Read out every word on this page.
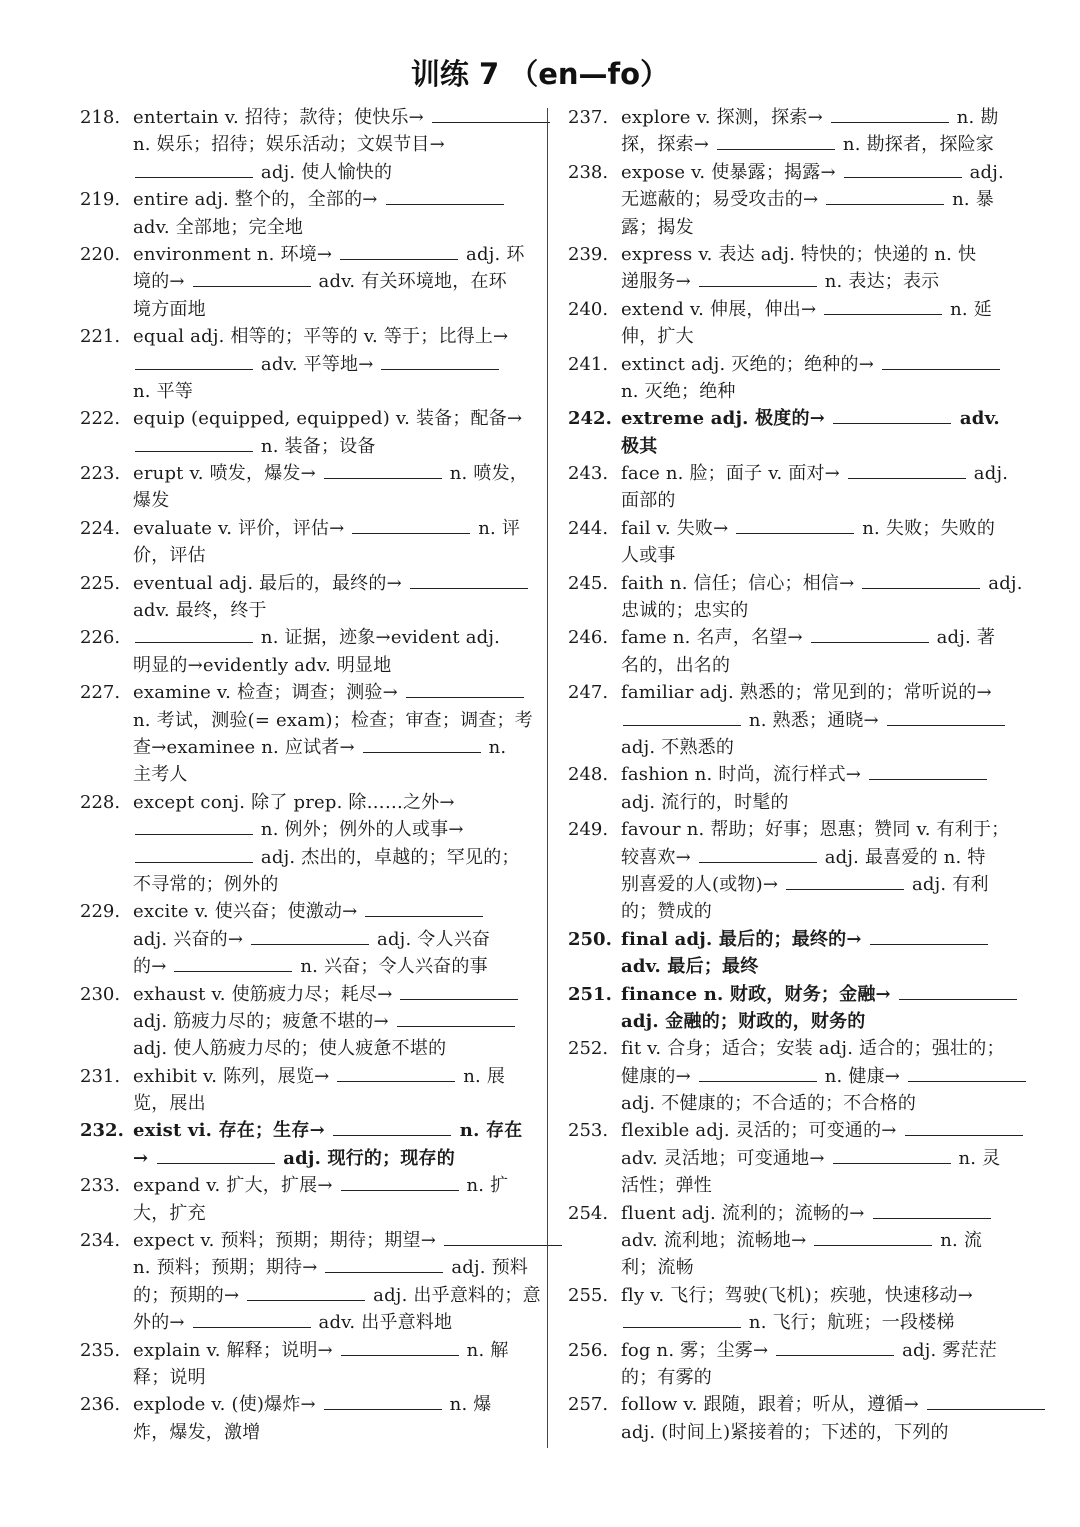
训练 7 （en—fo）
218. entertain v. 招待；款待；使快乐→
n. 娱乐；招待；娱乐活动；文娱节目→
adj. 使人愉快的
219. entire adj. 整个的，全部的→
adv. 全部地；完全地
220. environment n. 环境→	adj. 环
境的→	adv. 有关环境地，在环
境方面地
221. equal adj. 相等的；平等的 v. 等于；比得上→
adv. 平等地→
n. 平等
222. equip (equipped, equipped) v. 装备；配备→
n. 装备；设备
223. erupt v. 喷发，爆发→	n. 喷发，
爆发
224. evaluate v. 评价，评估→	n. 评
价，评估
225. eventual adj. 最后的，最终的→
adv. 最终，终于
226.	n. 证据，迹象→evident adj.
明显的→evidently adv. 明显地
227. examine v. 检查；调查；测验→
n. 考试，测验(= exam)；检查；审查；调查；考
查→examinee n. 应试者→	n.
主考人
228. except conj. 除了 prep. 除……之外→
n. 例外；例外的人或事→
adj. 杰出的，卓越的；罕见的；
不寻常的；例外的
229. excite v. 使兴奋；使激动→
adj. 兴奋的→	adj. 令人兴奋
的→	n. 兴奋；令人兴奋的事
230. exhaust v. 使筋疲力尽；耗尽→
adj. 筋疲力尽的；疲惫不堪的→
adj. 使人筋疲力尽的；使人疲惫不堪的
231. exhibit v. 陈列，展览→	n. 展
览，展出
232. exist vi. 存在；生存→	n. 存在
→	adj. 现行的；现存的
233. expand v. 扩大，扩展→	n. 扩
大，扩充
234. expect v. 预料；预期；期待；期望→
n. 预料；预期；期待→	adj. 预料
的；预期的→	adj. 出乎意料的；意
外的→	adv. 出乎意料地
235. explain v. 解释；说明→	n. 解
释；说明
236. explode v. (使)爆炸→	n. 爆
炸，爆发，激增
237. explore v. 探测，探索→	n. 勘
探，探索→	n. 勘探者，探险家
238. expose v. 使暴露；揭露→	adj.
无遮蔽的；易受攻击的→	n. 暴
露；揭发
239. express v. 表达 adj. 特快的；快递的 n. 快
递服务→	n. 表达；表示
240. extend v. 伸展，伸出→	n. 延
伸，扩大
241. extinct adj. 灭绝的；绝种的→
n. 灭绝；绝种
242. extreme adj. 极度的→	adv.
极其
243. face n. 脸；面子 v. 面对→	adj.
面部的
244. fail v. 失败→	n. 失败；失败的
人或事
245. faith n. 信任；信心；相信→	adj.
忠诚的；忠实的
246. fame n. 名声，名望→	adj. 著
名的，出名的
247. familiar adj. 熟悉的；常见到的；常听说的→
n. 熟悉；通晓→
adj. 不熟悉的
248. fashion n. 时尚，流行样式→
adj. 流行的，时髦的
249. favour n. 帮助；好事；恩惠；赞同 v. 有利于；
较喜欢→	adj. 最喜爱的 n. 特
别喜爱的人(或物)→	adj. 有利
的；赞成的
250. final adj. 最后的；最终的→
adv. 最后；最终
251. finance n. 财政，财务；金融→
adj. 金融的；财政的，财务的
252. fit v. 合身；适合；安装 adj. 适合的；强壮的；
健康的→	n. 健康→
adj. 不健康的；不合适的；不合格的
253. flexible adj. 灵活的；可变通的→
adv. 灵活地；可变通地→	n. 灵
活性；弹性
254. fluent adj. 流利的；流畅的→
adv. 流利地；流畅地→	n. 流
利；流畅
255. fly v. 飞行；驾驶(飞机)；疾驰，快速移动→
n. 飞行；航班；一段楼梯
256. fog n. 雾；尘雾→	adj. 雾茫茫
的；有雾的
257. follow v. 跟随，跟着；听从，遵循→
adj. (时间上)紧接着的；下述的，下列的
